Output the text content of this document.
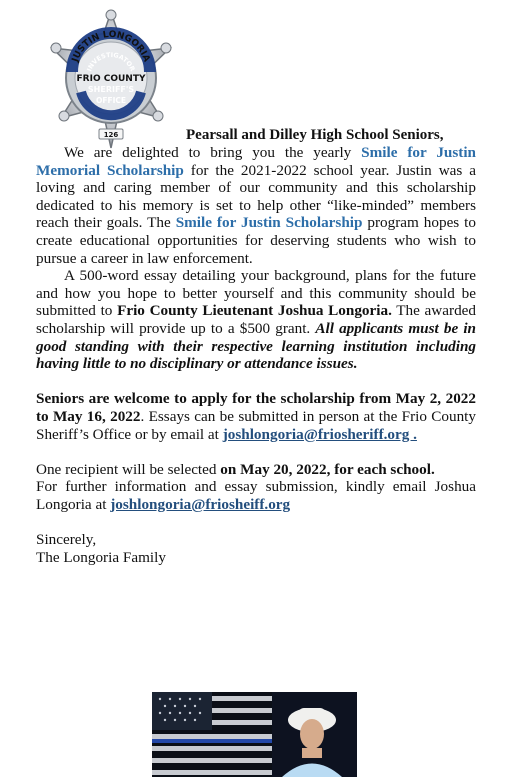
JUSTIN LONGORIA
INVESTIGATOR
FRIO COUNTY
SHERIFF'S
OFFICE
126	Pearsall and Dilley High School Seniors,

We are delighted to bring you the yearly Smile for Justin Memorial Scholarship for the 2021-2022 school year. Justin was a loving and caring member of our community and this scholarship dedicated to his memory is set to help other “like-minded” members reach their goals. The Smile for Justin Scholarship program hopes to create educational opportunities for deserving students who wish to pursue a career in law enforcement.

A 500-word essay detailing your background, plans for the future and how you hope to better yourself and this community should be submitted to Frio County Lieutenant Joshua Longoria. The awarded scholarship will provide up to a $500 grant. All applicants must be in good standing with their respective learning institution including having little to no disciplinary or attendance issues.

Seniors are welcome to apply for the scholarship from May 2, 2022 to May 16, 2022. Essays can be submitted in person at the Frio County Sheriff’s Office or by email at joshlongoria@friosheriff.org .

One recipient will be selected on May 20, 2022, for each school.

For further information and essay submission, kindly email Joshua Longoria at joshlongoria@friosheiff.org

Sincerely,
The Longoria Family
